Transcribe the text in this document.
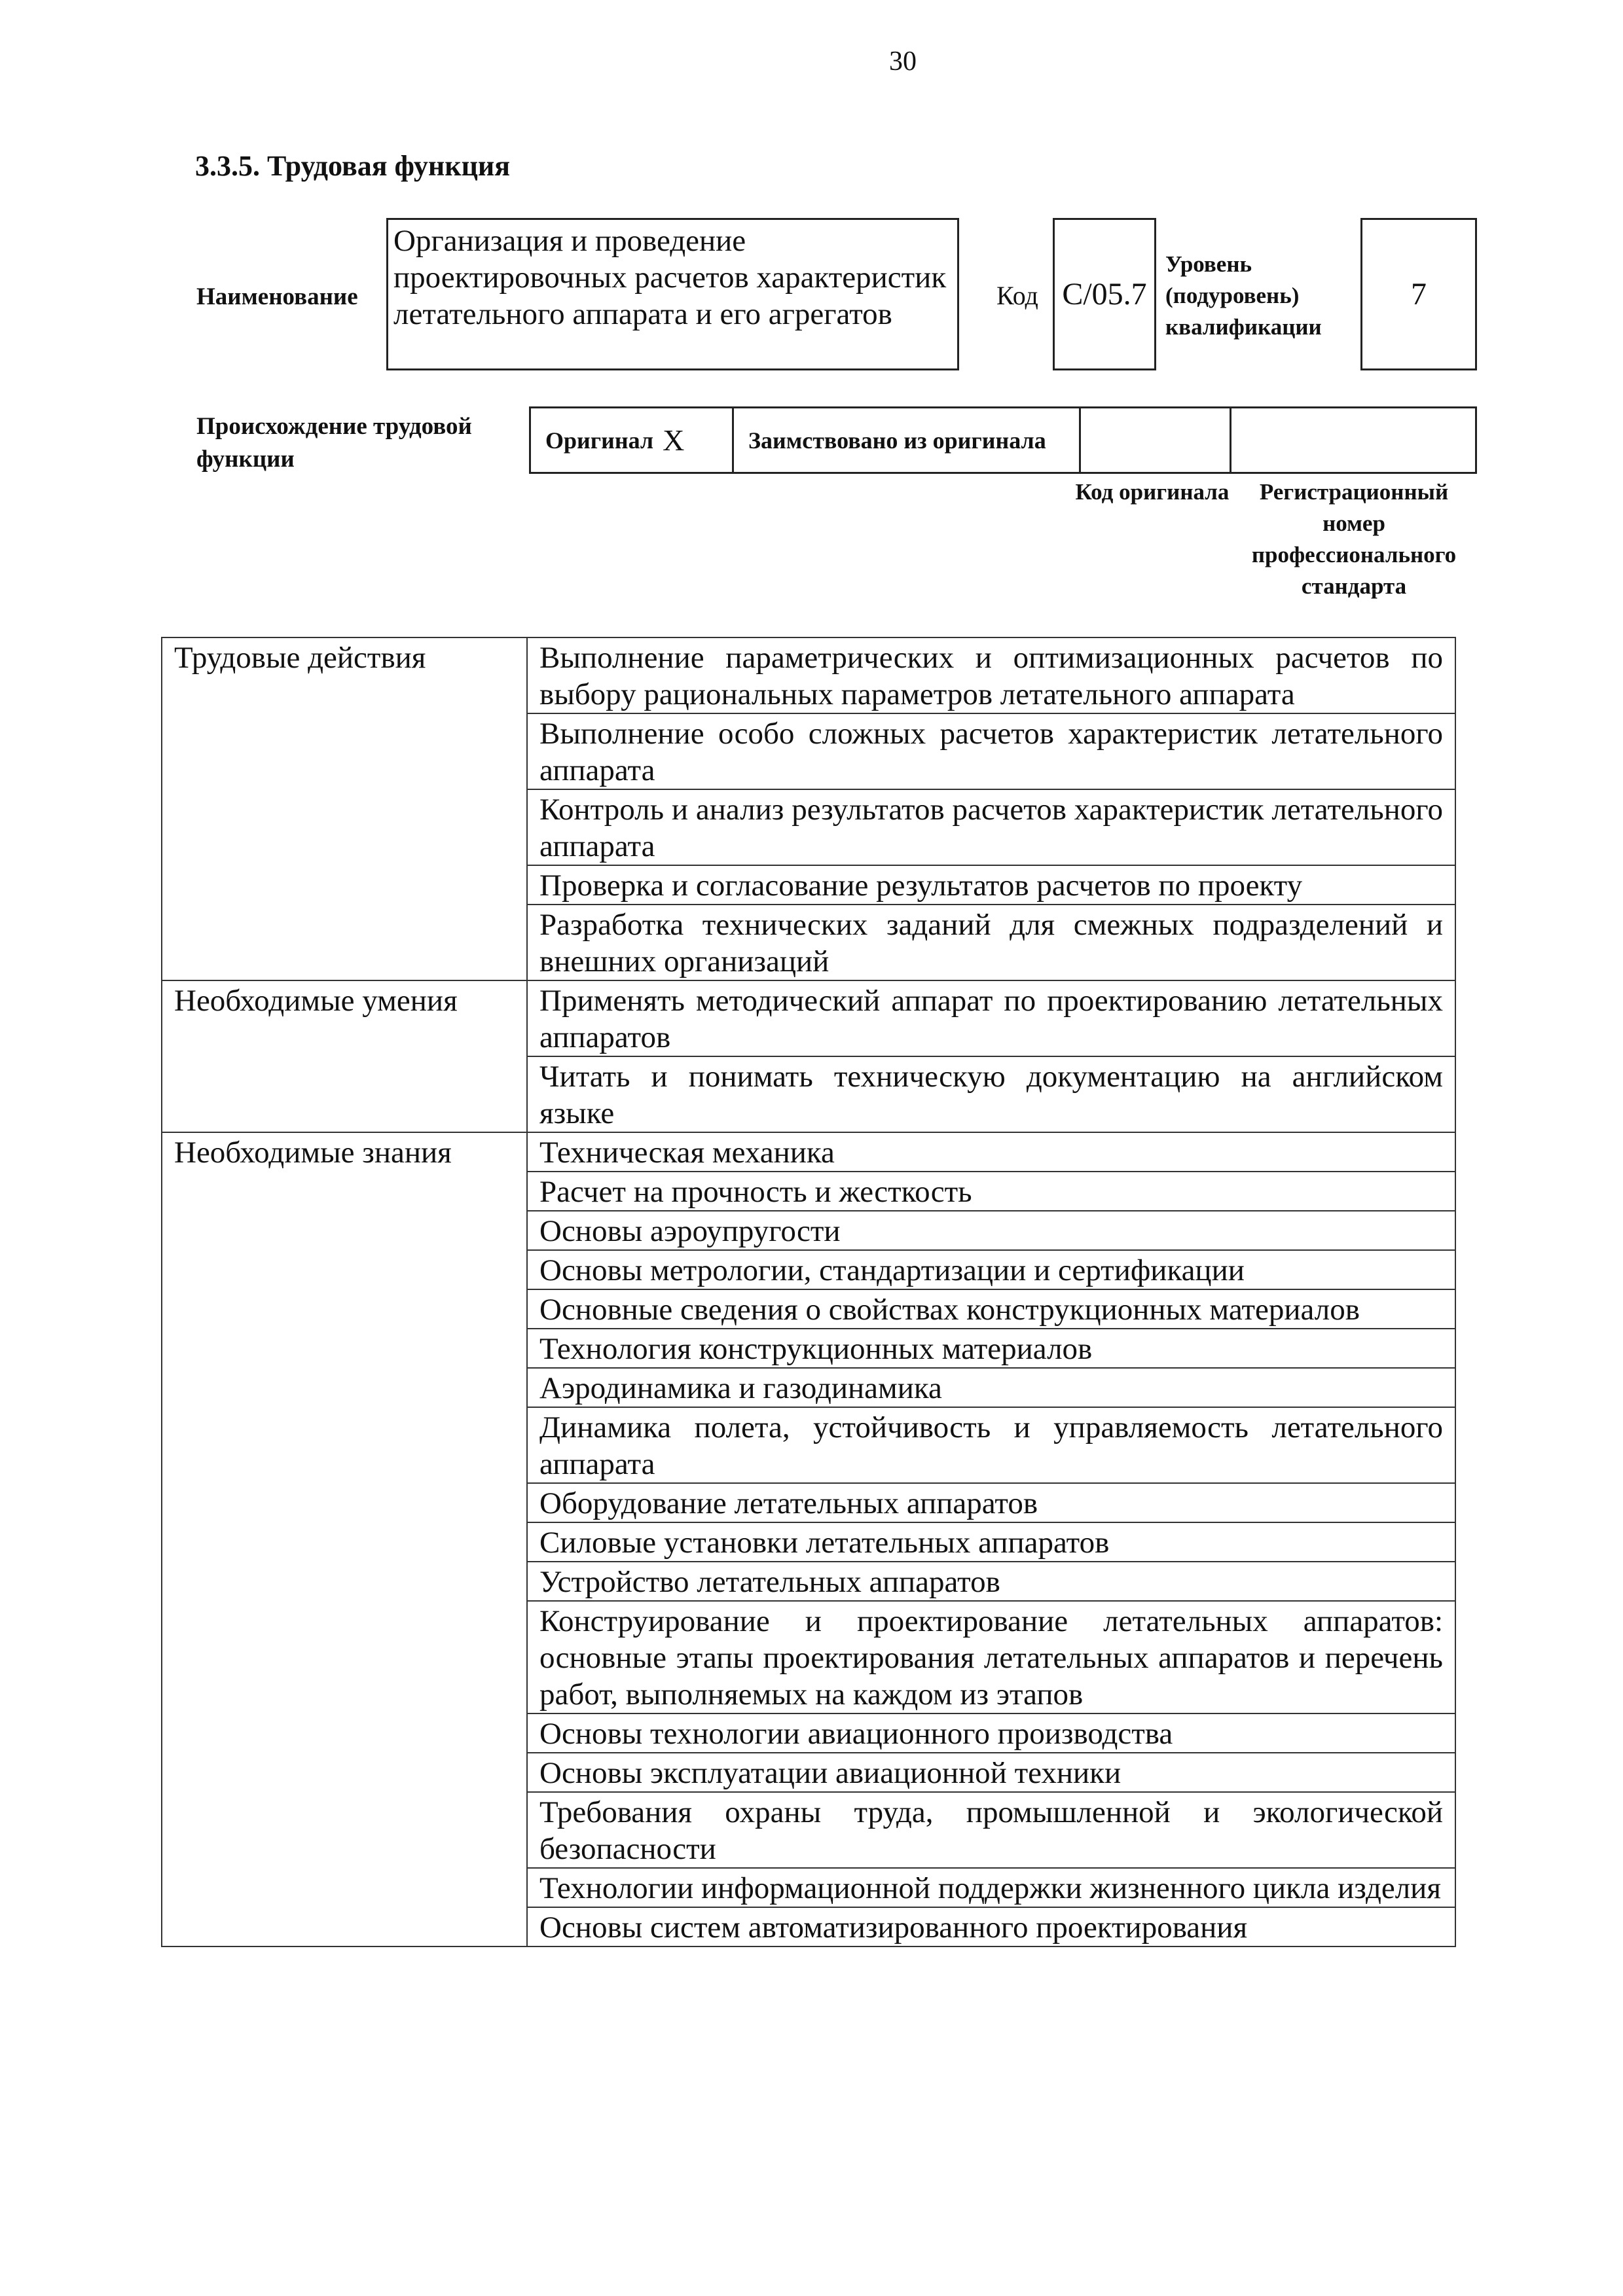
30
3.3.5. Трудовая функция
Наименование
Организация и проведение проектировочных расчетов характеристик летательного аппарата и его агрегатов
Код C/05.7
Уровень (подуровень) квалификации
7
Происхождение трудовой функции
Оригинал X	Заимствовано из оригинала
Код оригинала	Регистрационный номер профессионального стандарта
Трудовые действия	Выполнение параметрических и оптимизационных расчетов по выбору рациональных параметров летательного аппарата
	Выполнение особо сложных расчетов характеристик летательного аппарата
	Контроль и анализ результатов расчетов характеристик летательного аппарата
	Проверка и согласование результатов расчетов по проекту
	Разработка технических заданий для смежных подразделений и внешних организаций
Необходимые умения	Применять методический аппарат по проектированию летательных аппаратов
	Читать и понимать техническую документацию на английском языке
Необходимые знания	Техническая механика
	Расчет на прочность и жесткость
	Основы аэроупругости
	Основы метрологии, стандартизации и сертификации
	Основные сведения о свойствах конструкционных материалов
	Технология конструкционных материалов
	Аэродинамика и газодинамика
	Динамика полета, устойчивость и управляемость летательного аппарата
	Оборудование летательных аппаратов
	Силовые установки летательных аппаратов
	Устройство летательных аппаратов
	Конструирование и проектирование летательных аппаратов: основные этапы проектирования летательных аппаратов и перечень работ, выполняемых на каждом из этапов
	Основы технологии авиационного производства
	Основы эксплуатации авиационной техники
	Требования охраны труда, промышленной и экологической безопасности
	Технологии информационной поддержки жизненного цикла изделия
	Основы систем автоматизированного проектирования
